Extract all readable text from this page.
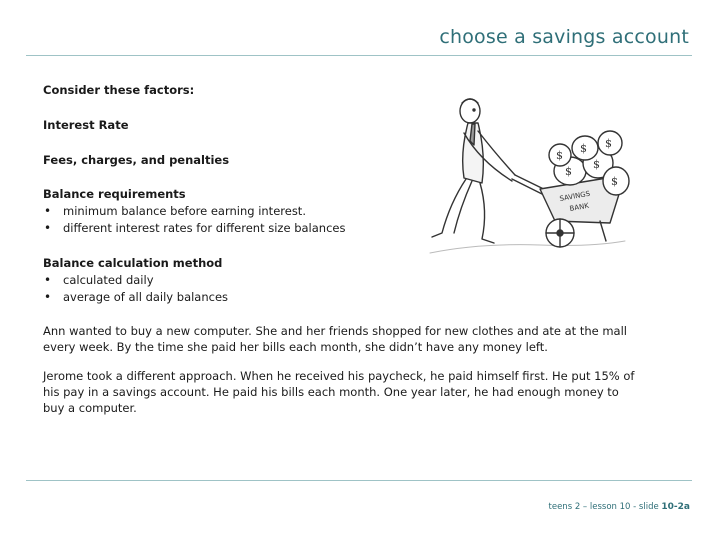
choose a savings account

Consider these factors:

Interest Rate

Fees, charges, and penalties

Balance requirements

• minimum balance before earning interest.
• different interest rates for different size balances

Balance calculation method

• calculated daily
• average of all daily balances

Ann wanted to buy a new computer. She and her friends shopped for new clothes and ate at the mall every week. By the time she paid her bills each month, she didn’t have any money left.

Jerome took a different approach. When he received his paycheck, he paid himself first. He put 15% of his pay in a savings account. He paid his bills each month. One year later, he had enough money to buy a computer.

$
$
$
$ $
$
SAVINGS
BANK
teens 2 – lesson 10 - slide 10-2a
